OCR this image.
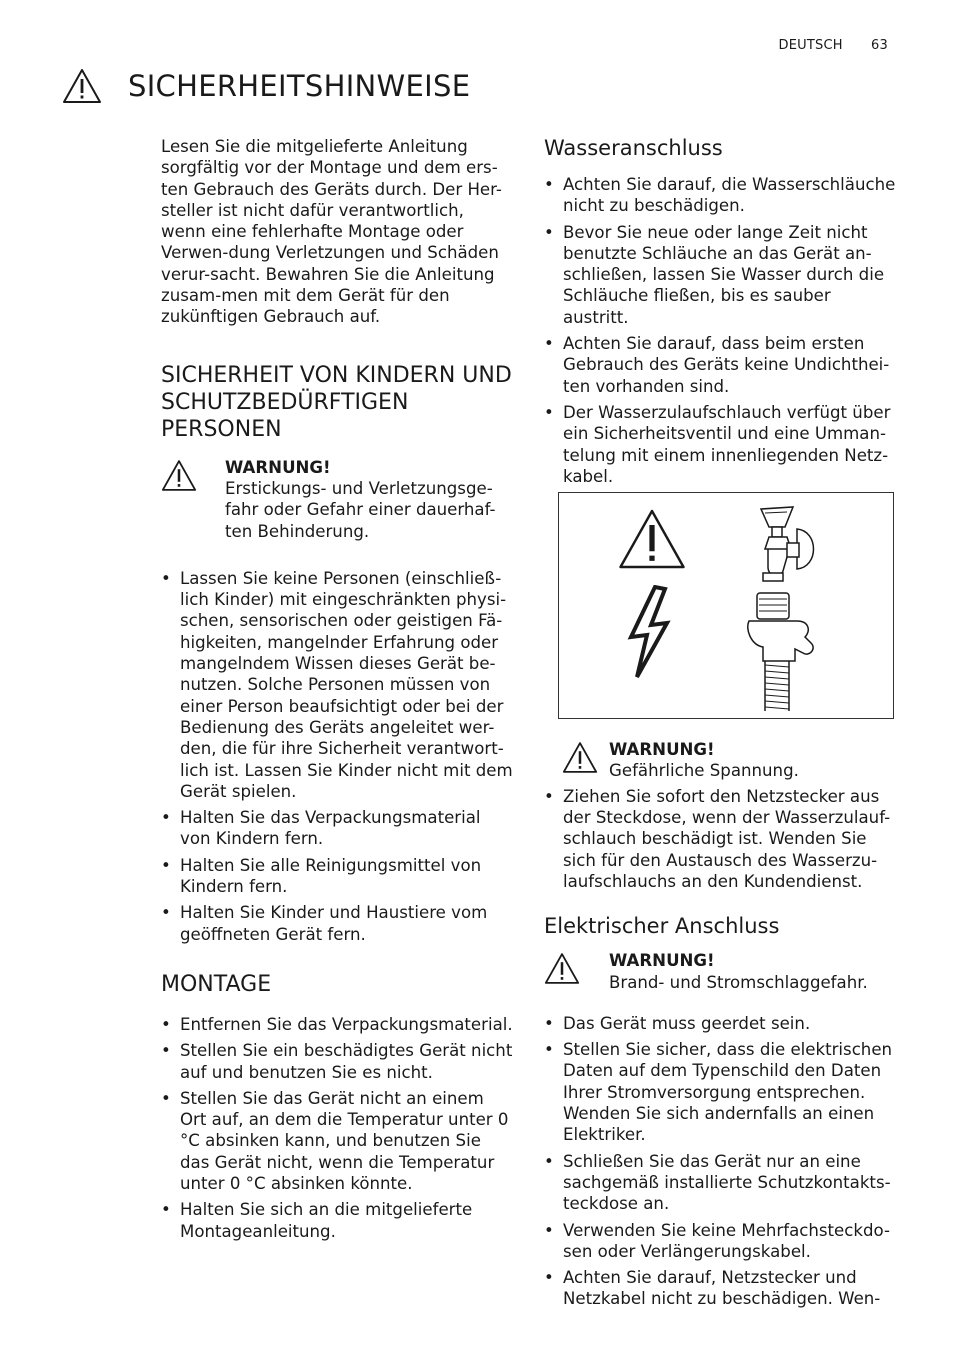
DEUTSCH 63
SICHERHEITSHINWEISE

Lesen Sie die mitgelieferte Anleitung sorgfältig vor der Montage und dem ers-ten Gebrauch des Geräts durch. Der Her-steller ist nicht dafür verantwortlich, wenn eine fehlerhafte Montage oder Verwen-dung Verletzungen und Schäden verur-sacht. Bewahren Sie die Anleitung zusam-men mit dem Gerät für den zukünftigen Gebrauch auf.

SICHERHEIT VON KINDERN UND SCHUTZBEDÜRFTIGEN PERSONEN
WARNUNG!
Erstickungs- und Verletzungsge-fahr oder Gefahr einer dauerhaf-ten Behinderung.
• Lassen Sie keine Personen (einschließ-lich Kinder) mit eingeschränkten physi-schen, sensorischen oder geistigen Fä-higkeiten, mangelnder Erfahrung oder mangelndem Wissen dieses Gerät be-nutzen. Solche Personen müssen von einer Person beaufsichtigt oder bei der Bedienung des Geräts angeleitet wer-den, die für ihre Sicherheit verantwort-lich ist. Lassen Sie Kinder nicht mit dem Gerät spielen.
• Halten Sie das Verpackungsmaterial von Kindern fern.
• Halten Sie alle Reinigungsmittel von Kindern fern.
• Halten Sie Kinder und Haustiere vom geöffneten Gerät fern.
MONTAGE
• Entfernen Sie das Verpackungsmaterial.
• Stellen Sie ein beschädigtes Gerät nicht auf und benutzen Sie es nicht.
• Stellen Sie das Gerät nicht an einem Ort auf, an dem die Temperatur unter 0 °C absinken kann, und benutzen Sie das Gerät nicht, wenn die Temperatur unter 0 °C absinken könnte.
• Halten Sie sich an die mitgelieferte Montageanleitung.
Wasseranschluss
• Achten Sie darauf, die Wasserschläuche nicht zu beschädigen.
• Bevor Sie neue oder lange Zeit nicht benutzte Schläuche an das Gerät an-schließen, lassen Sie Wasser durch die Schläuche fließen, bis es sauber austritt.
• Achten Sie darauf, dass beim ersten Gebrauch des Geräts keine Undichthei-ten vorhanden sind.
• Der Wasserzulaufschlauch verfügt über ein Sicherheitsventil und eine Umman-telung mit einem innenliegenden Netz-kabel.
WARNUNG!
Gefährliche Spannung.
• Ziehen Sie sofort den Netzstecker aus der Steckdose, wenn der Wasserzulauf-schlauch beschädigt ist. Wenden Sie sich für den Austausch des Wasserzu-laufschlauchs an den Kundendienst.
Elektrischer Anschluss
WARNUNG!
Brand- und Stromschlaggefahr.
• Das Gerät muss geerdet sein.
• Stellen Sie sicher, dass die elektrischen Daten auf dem Typenschild den Daten Ihrer Stromversorgung entsprechen. Wenden Sie sich andernfalls an einen Elektriker.
• Schließen Sie das Gerät nur an eine sachgemäß installierte Schutzkontakts-teckdose an.
• Verwenden Sie keine Mehrfachsteckdo-sen oder Verlängerungskabel.
• Achten Sie darauf, Netzstecker und Netzkabel nicht zu beschädigen. Wen-
